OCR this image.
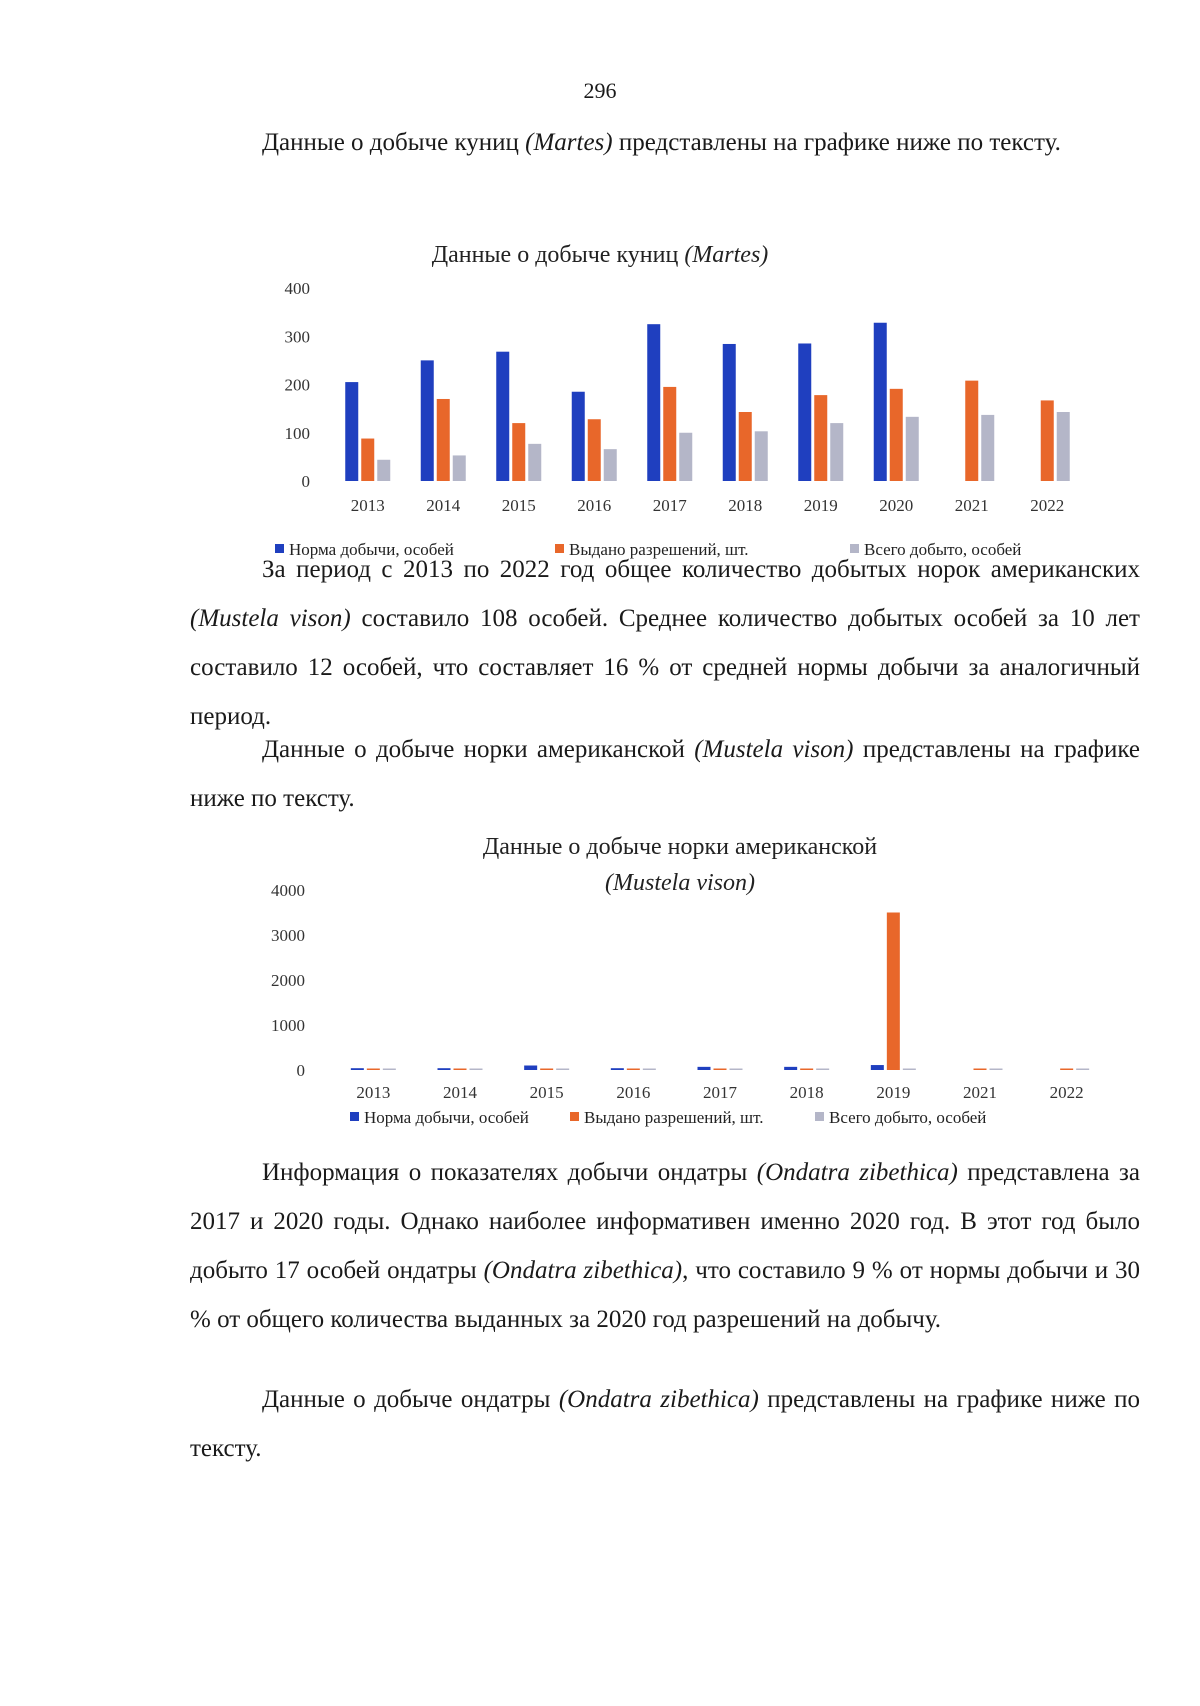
296

Данные о добыче куниц (Martes) представлены на графике ниже по тексту.

Данные о добыче куниц (Martes)
0
100
200
300
400
2013 2014 2015 2016 2017 2018 2019 2020 2021 2022
Норма добычи, особей	Выдано разрешений, шт.	Всего добыто, особей

За период с 2013 по 2022 год общее количество добытых норок американских (Mustela vison) составило 108 особей. Среднее количество добытых особей за 10 лет составило 12 особей, что составляет 16 % от средней нормы добычи за аналогичный период.

Данные о добыче норки американской (Mustela vison) представлены на графике ниже по тексту.

Данные о добыче норки американской
(Mustela vison)
0
1000
2000
3000
4000
2013	2014	2015	2016	2017	2018	2019	2021	2022
Норма добычи, особей	Выдано разрешений, шт.	Всего добыто, особей

Информация о показателях добычи ондатры (Ondatra zibethica) представлена за 2017 и 2020 годы. Однако наиболее информативен именно 2020 год. В этот год было добыто 17 особей ондатры (Ondatra zibethica), что составило 9 % от нормы добычи и 30 % от общего количества выданных за 2020 год разрешений на добычу.

Данные о добыче ондатры (Ondatra zibethica) представлены на графике ниже по тексту.
